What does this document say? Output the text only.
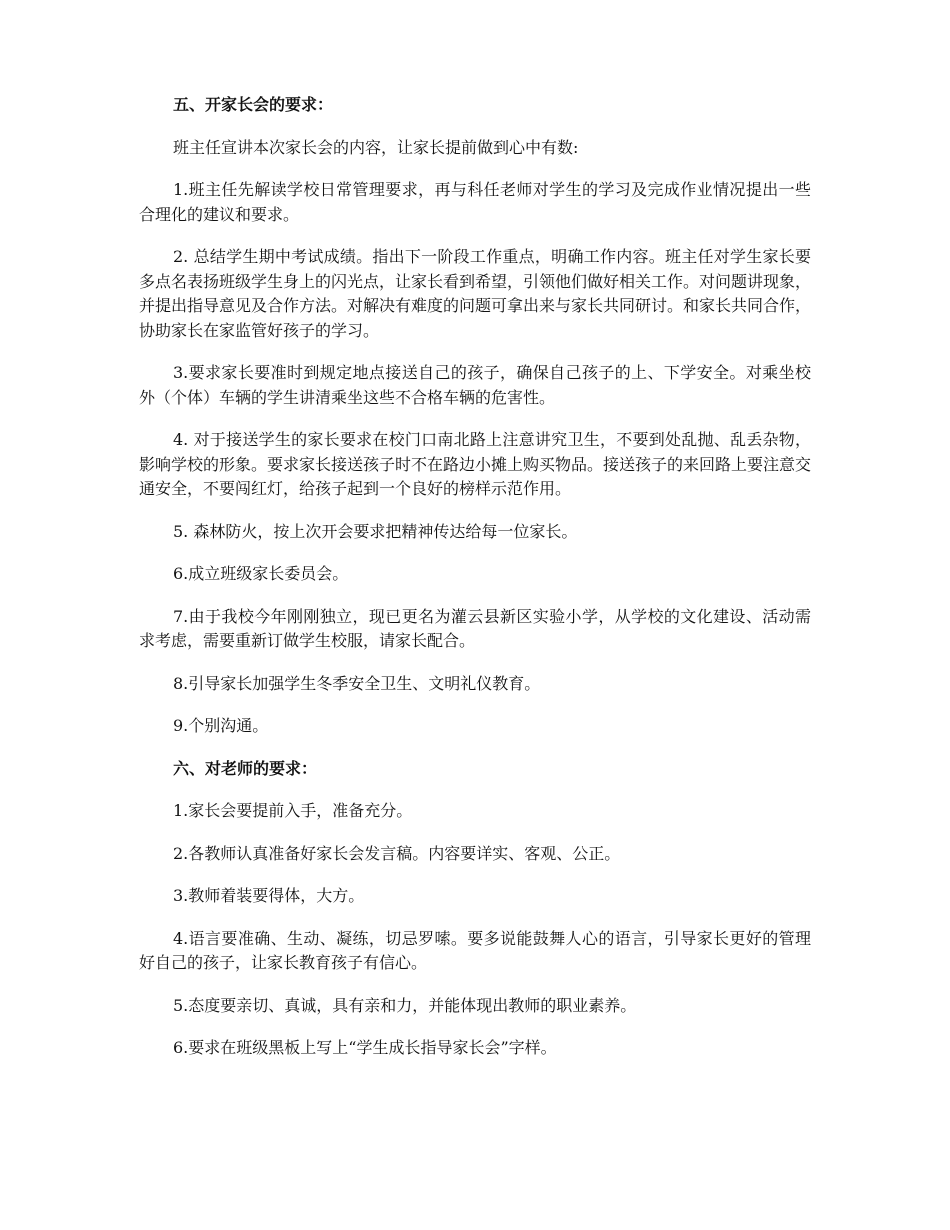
五、开家长会的要求：

班主任宣讲本次家长会的内容，让家长提前做到心中有数:

1.班主任先解读学校日常管理要求，再与科任老师对学生的学习及完成作业情况提出一些合理化的建议和要求。

2. 总结学生期中考试成绩。指出下一阶段工作重点，明确工作内容。班主任对学生家长要多点名表扬班级学生身上的闪光点，让家长看到希望，引领他们做好相关工作。对问题讲现象，并提出指导意见及合作方法。对解决有难度的问题可拿出来与家长共同研讨。和家长共同合作，协助家长在家监管好孩子的学习。

3.要求家长要准时到规定地点接送自己的孩子，确保自己孩子的上、下学安全。对乘坐校外（个体）车辆的学生讲清乘坐这些不合格车辆的危害性。

4. 对于接送学生的家长要求在校门口南北路上注意讲究卫生，不要到处乱抛、乱丢杂物，影响学校的形象。要求家长接送孩子时不在路边小摊上购买物品。接送孩子的来回路上要注意交通安全，不要闯红灯，给孩子起到一个良好的榜样示范作用。

5. 森林防火，按上次开会要求把精神传达给每一位家长。

6.成立班级家长委员会。

7.由于我校今年刚刚独立，现已更名为灌云县新区实验小学，从学校的文化建设、活动需求考虑，需要重新订做学生校服，请家长配合。

8.引导家长加强学生冬季安全卫生、文明礼仪教育。

9.个别沟通。

六、对老师的要求：

1.家长会要提前入手，准备充分。

2.各教师认真准备好家长会发言稿。内容要详实、客观、公正。

3.教师着装要得体，大方。

4.语言要准确、生动、凝练，切忌罗嗦。要多说能鼓舞人心的语言，引导家长更好的管理好自己的孩子，让家长教育孩子有信心。

5.态度要亲切、真诚，具有亲和力，并能体现出教师的职业素养。

6.要求在班级黑板上写上“学生成长指导家长会”字样。
